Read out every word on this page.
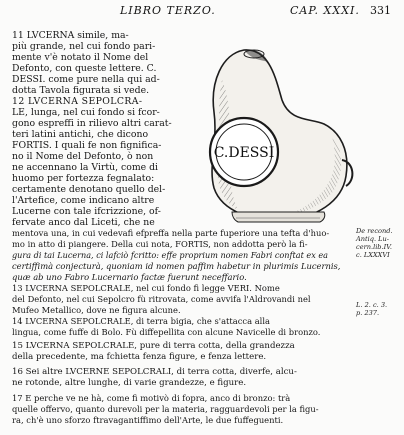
LIBRO TERZO.	CAP. XXXI. 331
C.DESSI
11 LVCERNA simile, ma-
più grande, nel cui fondo pari-
mente v'è notato il Nome del
Defonto, con queste lettere. C.
DESSI. come pure nella qui ad-
dotta Tavola figurata si vede.
12 LVCERNA SEPOLCRA-
LE, lunga, nel cui fondo si fcor-
gono espreffi in rilievo altri carat-
teri latini antichi, che dicono
FORTIS. I quali fe non fignifica-
no il Nome del Defonto, ò non
ne accennano la Virtù, come di
huomo per fortezza fegnalato:
certamente denotano quello del-
l'Artefice, come indicano altre
Lucerne con tale ifcrizzione, of-
fervate anco dal Liceti, che ne
mentova una, in cui vedevafi efpreffa nella parte fuperiore una tefta d'huo-
mo in atto di piangere. Della cui nota, FORTIS, non addotta però la fi-
gura di tai Lucerna, ci lafciò fcritto: effe proprium nomen Fabri conftat ex ea
certiffimà conjecturà, quoniam id nomen paffim habetur in plurimis Lucernis,
quæ ab uno Fabro Lucernario factæ fuerunt neceffario.
13 LVCERNA SEPOLCRALE, nel cui fondo fi legge VERI. Nome
del Defonto, nel cui Sepolcro fù ritrovata, come avvifa l'Aldrovandi nel
Mufeo Metallico, dove ne figura alcune.
14 LVCERNA SEPOLCRALE, di terra bigia, che s'attacca alla
lingua, come fuffe di Bolo. Fù diffepellita con alcune Navicelle di bronzo.
15 LVCERNA SEPOLCRALE, pure di terra cotta, della grandezza
della precedente, ma fchietta fenza figure, e fenza lettere.
16 Sei altre LVCERNE SEPOLCRALI, di terra cotta, diverfe, alcu-
ne rotonde, altre lunghe, di varie grandezze, e figure.
17 E perche ve ne hà, come fi motivò di fopra, anco di bronzo: trà
quelle offervo, quanto durevoli per la materia, ragguardevoli per la figu-
ra, ch'è uno sforzo ftravagantiffimo dell'Arte, le due fuffeguenti.
De recond.
Antiq. Lu-
cern.lib.IV.
c. LXXXVI
L. 2. c. 3.
p. 237.
